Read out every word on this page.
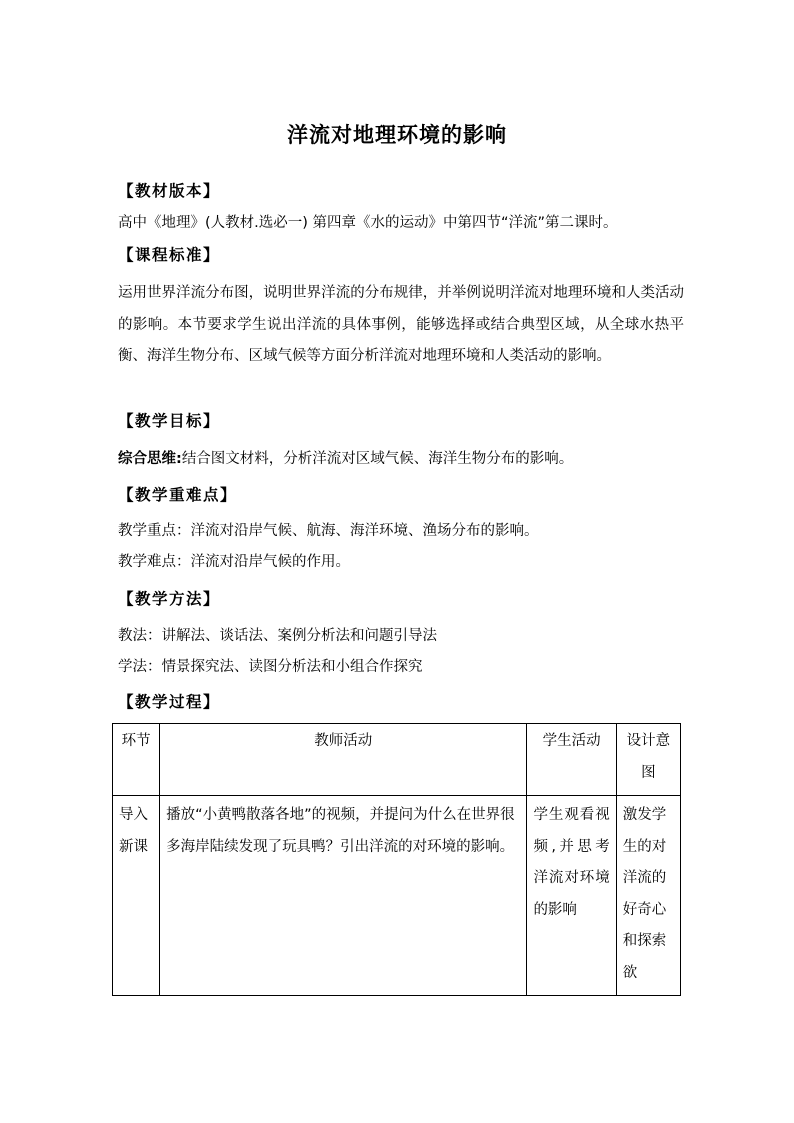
洋流对地理环境的影响
【教材版本】
高中《地理》(人教材.选必一) 第四章《水的运动》中第四节“洋流”第二课时。
【课程标准】
运用世界洋流分布图，说明世界洋流的分布规律，并举例说明洋流对地理环境和人类活动的影响。本节要求学生说出洋流的具体事例，能够选择或结合典型区域，从全球水热平衡、海洋生物分布、区域气候等方面分析洋流对地理环境和人类活动的影响。
【教学目标】
综合思维:结合图文材料，分析洋流对区域气候、海洋生物分布的影响。
【教学重难点】
教学重点：洋流对沿岸气候、航海、海洋环境、渔场分布的影响。
教学难点：洋流对沿岸气候的作用。
【教学方法】
教法：讲解法、谈话法、案例分析法和问题引导法
学法：情景探究法、读图分析法和小组合作探究
【教学过程】
环节	教师活动	学生活动	设计意图
导入新课	播放“小黄鸭散落各地”的视频，并提问为什么在世界很多海岸陆续发现了玩具鸭？引出洋流的对环境的影响。	学生观看视频,并思考洋流对环境的影响	激发学生的对洋流的好奇心和探索欲
